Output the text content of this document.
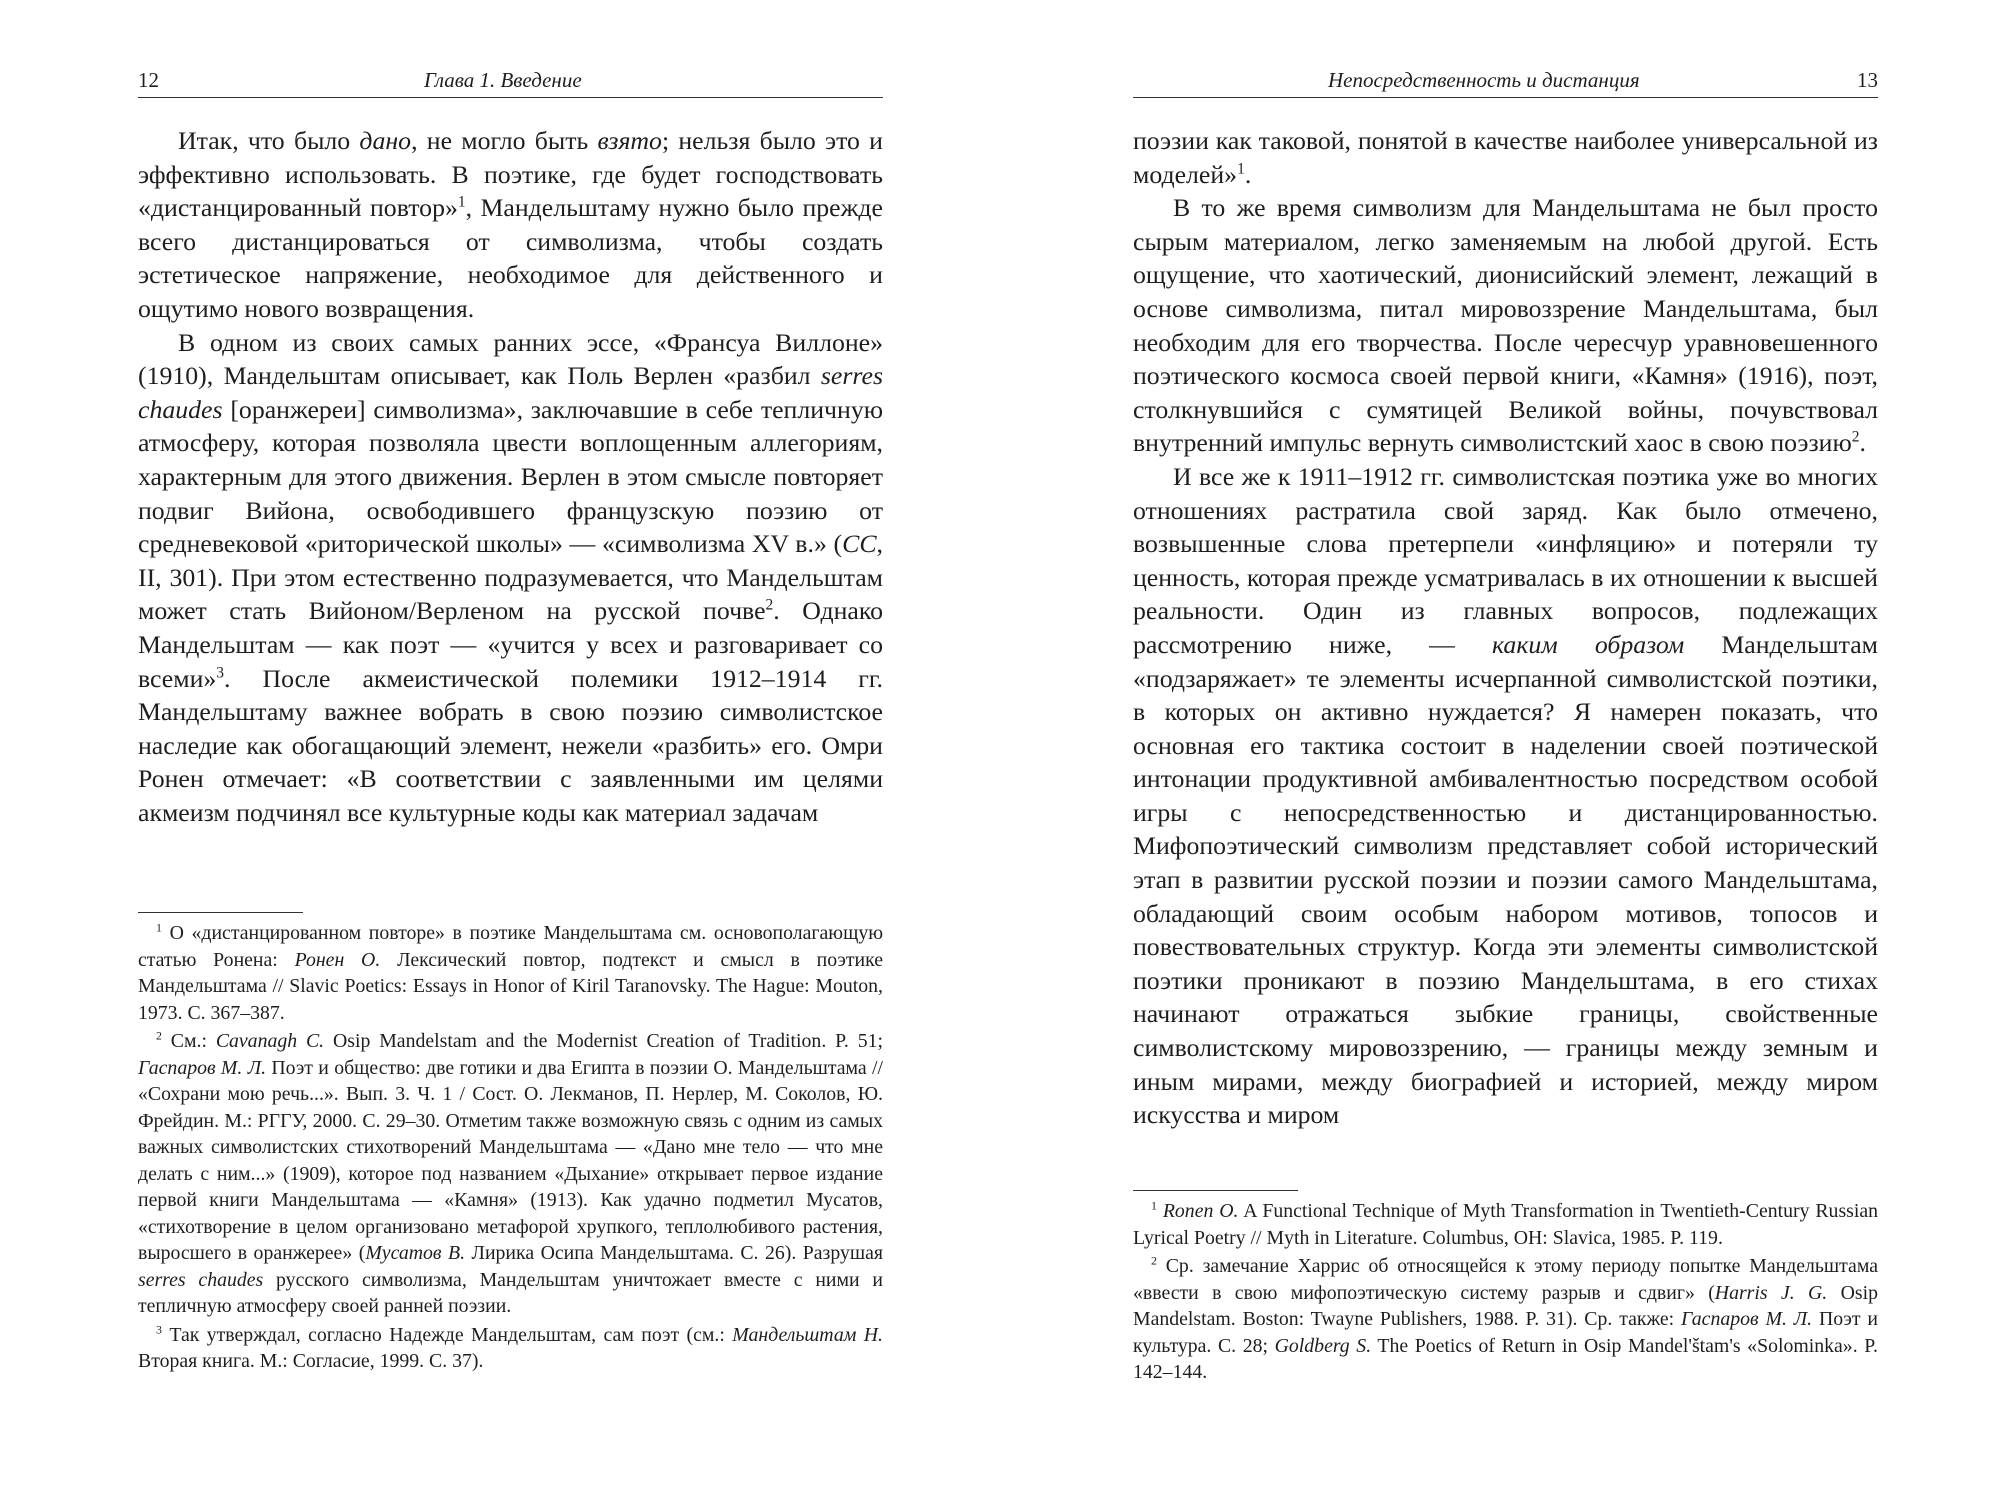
12	Глава 1. Введение

Итак, что было дано, не могло быть взято; нельзя было это и эффективно использовать. В поэтике, где будет господствовать «дистанцированный повтор»$^1$, Мандельштаму нужно было прежде всего дистанцироваться от символизма, чтобы создать эстетическое напряжение, необходимое для действенного и ощутимо нового возвращения.

В одном из своих самых ранних эссе, «Франсуа Виллоне» (1910), Мандельштам описывает, как Поль Верлен «разбил serres chaudes [оранжереи] символизма», заключавшие в себе тепличную атмосферу, которая позволяла цвести воплощенным аллегориям, характерным для этого движения. Верлен в этом смысле повторяет подвиг Вийона, освободившего французскую поэзию от средневековой «риторической школы» — «символизма XV в.» (СС, II, 301). При этом естественно подразумевается, что Мандельштам может стать Вийоном/Верленом на русской почве$^2$. Однако Мандельштам — как поэт — «учится у всех и разговаривает со всеми»$^3$. После акмеистической полемики 1912–1914 гг. Мандельштаму важнее вобрать в свою поэзию символистское наследие как обогащающий элемент, нежели «разбить» его. Омри Ронен отмечает: «В соответствии с заявленными им целями акмеизм подчинял все культурные коды как материал задачам

$^1$ О «дистанцированном повторе» в поэтике Мандельштама см. основополагающую статью Ронена: Ронен О. Лексический повтор, подтекст и смысл в поэтике Мандельштама // Slavic Poetics: Essays in Honor of Kiril Taranovsky. The Hague: Mouton, 1973. С. 367–387.

$^2$ См.: Cavanagh C. Osip Mandelstam and the Modernist Creation of Tradition. P. 51; Гаспаров М. Л. Поэт и общество: две готики и два Египта в поэзии О. Мандельштама // «Сохрани мою речь...». Вып. 3. Ч. 1 / Сост. О. Лекманов, П. Нерлер, М. Соколов, Ю. Фрейдин. М.: РГГУ, 2000. С. 29–30. Отметим также возможную связь с одним из самых важных символистских стихотворений Мандельштама — «Дано мне тело — что мне делать с ним...» (1909), которое под названием «Дыхание» открывает первое издание первой книги Мандельштама — «Камня» (1913). Как удачно подметил Мусатов, «стихотворение в целом организовано метафорой хрупкого, теплолюбивого растения, выросшего в оранжерее» (Мусатов В. Лирика Осипа Мандельштама. С. 26). Разрушая serres chaudes русского символизма, Мандельштам уничтожает вместе с ними и тепличную атмосферу своей ранней поэзии.

$^3$ Так утверждал, согласно Надежде Мандельштам, сам поэт (см.: Мандельштам Н. Вторая книга. М.: Согласие, 1999. С. 37).

Непосредственность и дистанция	13

поэзии как таковой, понятой в качестве наиболее универсальной из моделей»$^1$.

В то же время символизм для Мандельштама не был просто сырым материалом, легко заменяемым на любой другой. Есть ощущение, что хаотический, дионисийский элемент, лежащий в основе символизма, питал мировоззрение Мандельштама, был необходим для его творчества. После чересчур уравновешенного поэтического космоса своей первой книги, «Камня» (1916), поэт, столкнувшийся с сумятицей Великой войны, почувствовал внутренний импульс вернуть символистский хаос в свою поэзию$^2$.

И все же к 1911–1912 гг. символистская поэтика уже во многих отношениях растратила свой заряд. Как было отмечено, возвышенные слова претерпели «инфляцию» и потеряли ту ценность, которая прежде усматривалась в их отношении к высшей реальности. Один из главных вопросов, подлежащих рассмотрению ниже, — каким образом Мандельштам «подзаряжает» те элементы исчерпанной символистской поэтики, в которых он активно нуждается? Я намерен показать, что основная его тактика состоит в наделении своей поэтической интонации продуктивной амбивалентностью посредством особой игры с непосредственностью и дистанцированностью. Мифопоэтический символизм представляет собой исторический этап в развитии русской поэзии и поэзии самого Мандельштама, обладающий своим особым набором мотивов, топосов и повествовательных структур. Когда эти элементы символистской поэтики проникают в поэзию Мандельштама, в его стихах начинают отражаться зыбкие границы, свойственные символистскому мировоззрению, — границы между земным и иным мирами, между биографией и историей, между миром искусства и миром

$^1$ Ronen O. A Functional Technique of Myth Transformation in Twentieth-Century Russian Lyrical Poetry // Myth in Literature. Columbus, OH: Slavica, 1985. P. 119.

$^2$ Ср. замечание Харрис об относящейся к этому периоду попытке Мандельштама «ввести в свою мифопоэтическую систему разрыв и сдвиг» (Harris J. G. Osip Mandelstam. Boston: Twayne Publishers, 1988. P. 31). Ср. также: Гаспаров М. Л. Поэт и культура. С. 28; Goldberg S. The Poetics of Return in Osip Mandel'štam's «Solominka». P. 142–144.
